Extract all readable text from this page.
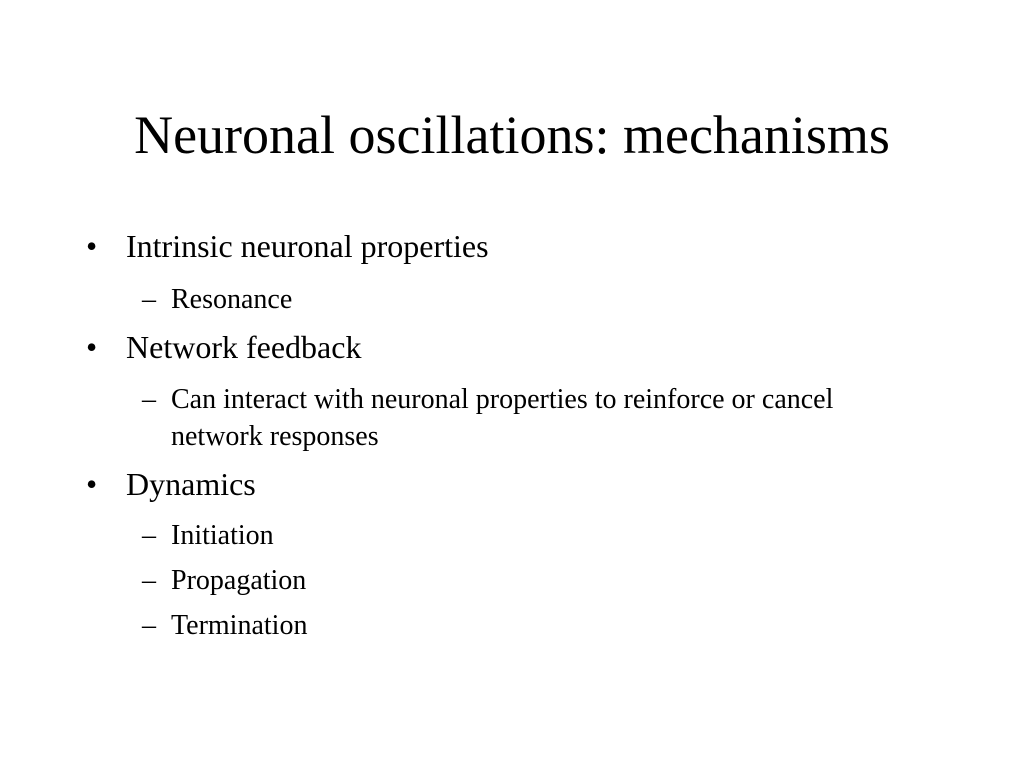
Neuronal oscillations: mechanisms
• Intrinsic neuronal properties
– Resonance
• Network feedback
– Can interact with neuronal properties to reinforce or cancel network responses
• Dynamics
– Initiation
– Propagation
– Termination
